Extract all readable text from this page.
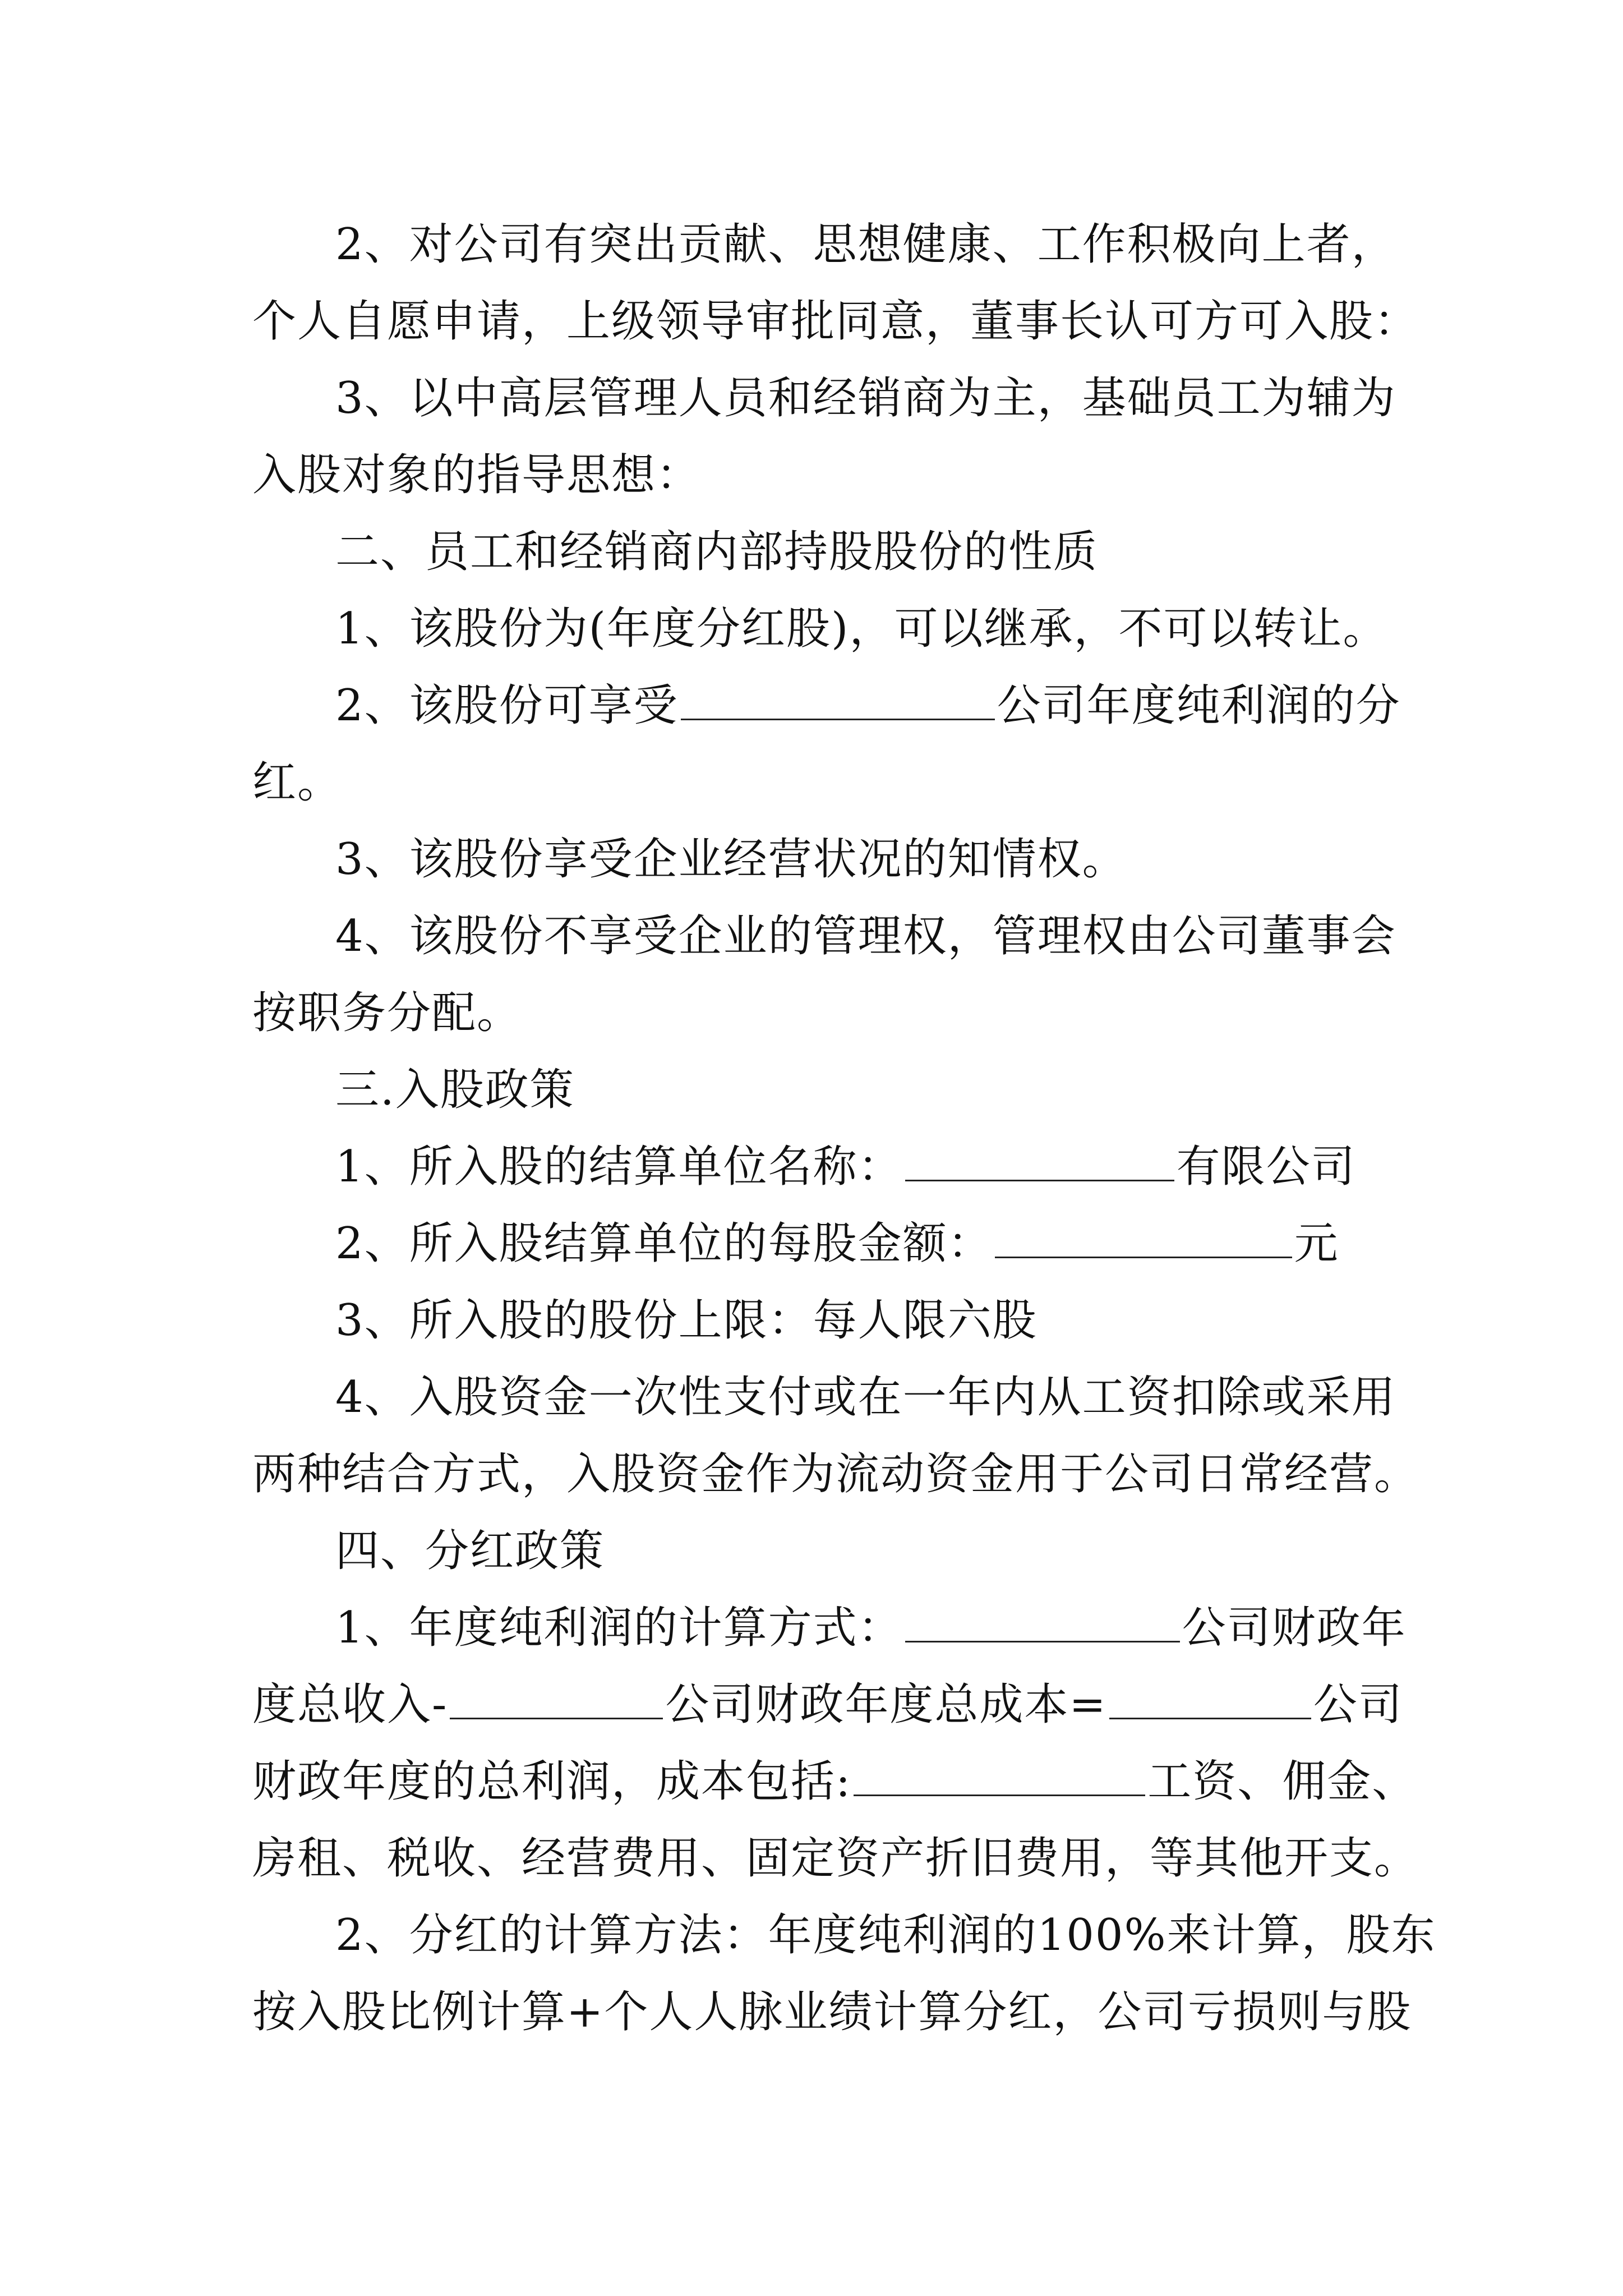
2、对公司有突出贡献、思想健康、工作积极向上者，
个人自愿申请，上级领导审批同意，董事长认可方可入股：
3、以中高层管理人员和经销商为主，基础员工为辅为
入股对象的指导思想：
二、员工和经销商内部持股股份的性质
1、该股份为(年度分红股)，可以继承，不可以转让。
2、该股份可享受	公司年度纯利润的分
红。
3、该股份享受企业经营状况的知情权。
4、该股份不享受企业的管理权，管理权由公司董事会
按职务分配。
三.入股政策
1、所入股的结算单位名称：	有限公司
2、所入股结算单位的每股金额：	元
3、所入股的股份上限：每人限六股
4、入股资金一次性支付或在一年内从工资扣除或采用
两种结合方式，入股资金作为流动资金用于公司日常经营。
四、分红政策
1、年度纯利润的计算方式：	公司财政年
度总收入-	公司财政年度总成本=	公司
财政年度的总利润，成本包括:	工资、佣金、
房租、税收、经营费用、固定资产折旧费用，等其他开支。
2、分红的计算方法：年度纯利润的100%来计算，股东
按入股比例计算+个人人脉业绩计算分红，公司亏损则与股
